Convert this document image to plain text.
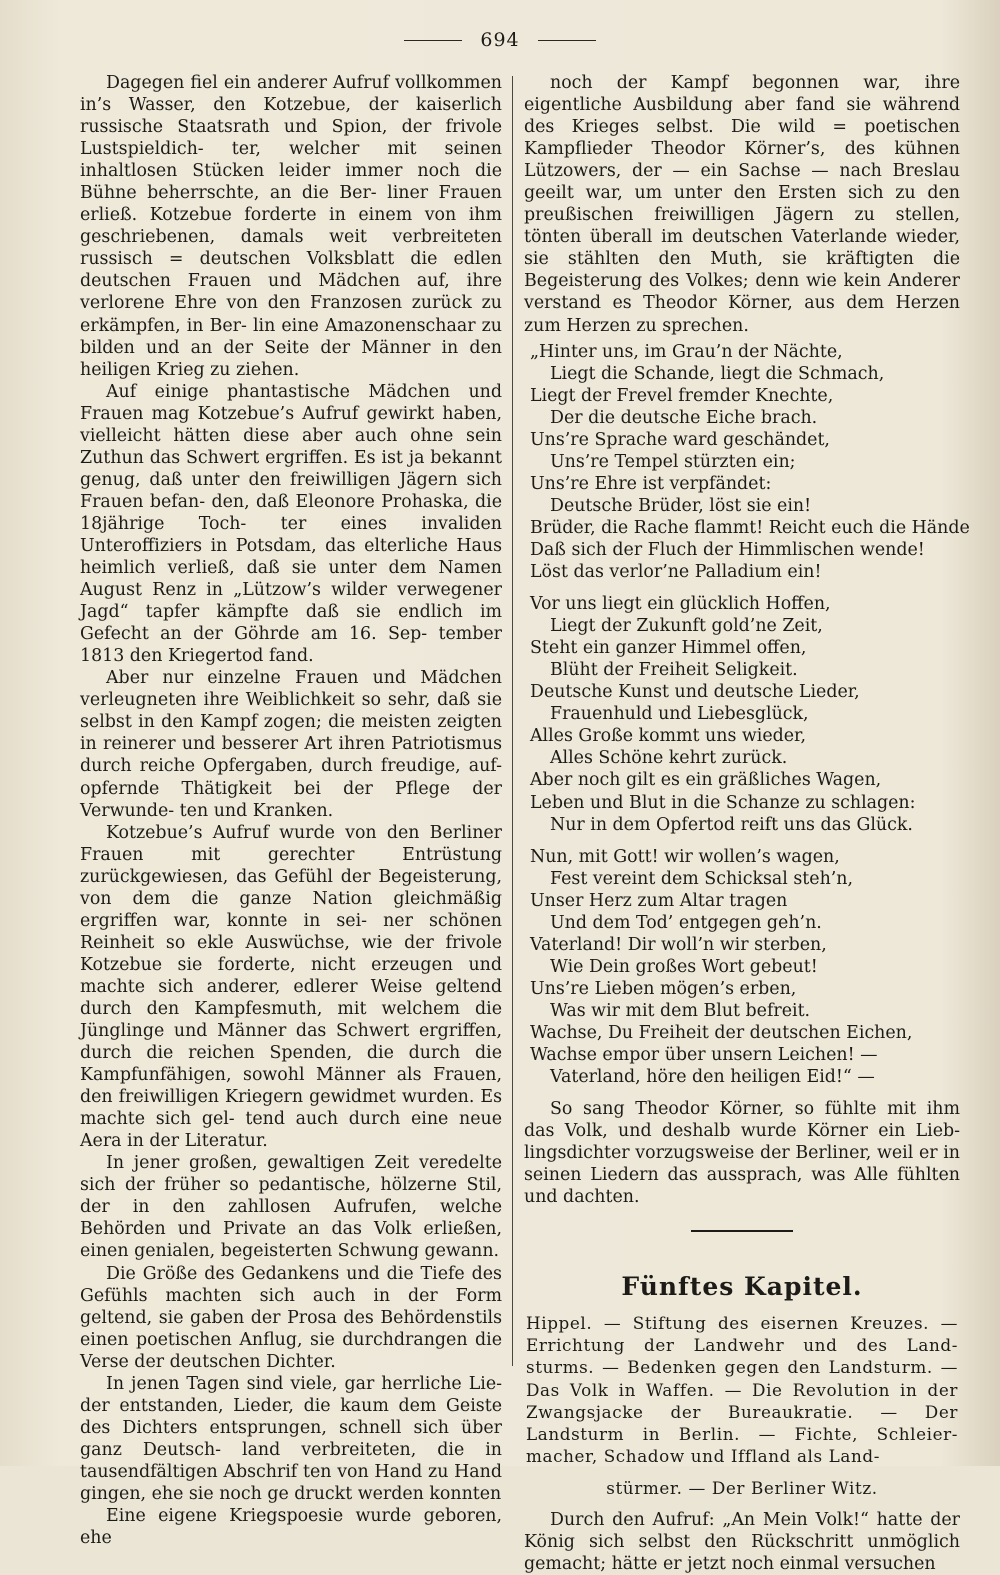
694

Dagegen fiel ein anderer Aufruf vollkommen in’s Wasser, den Kotzebue, der kaiserlich russische Staatsrath und Spion, der frivole Lustspieldich- ter, welcher mit seinen inhaltlosen Stücken leider immer noch die Bühne beherrschte, an die Ber- liner Frauen erließ. Kotzebue forderte in einem von ihm geschriebenen, damals weit verbreiteten russisch = deutschen Volksblatt die edlen deutschen Frauen und Mädchen auf, ihre verlorene Ehre von den Franzosen zurück zu erkämpfen, in Ber- lin eine Amazonenschaar zu bilden und an der Seite der Männer in den heiligen Krieg zu ziehen.

Auf einige phantastische Mädchen und Frauen mag Kotzebue’s Aufruf gewirkt haben, vielleicht hätten diese aber auch ohne sein Zuthun das Schwert ergriffen. Es ist ja bekannt genug, daß unter den freiwilligen Jägern sich Frauen befan- den, daß Eleonore Prohaska, die 18jährige Toch- ter eines invaliden Unteroffiziers in Potsdam, das elterliche Haus heimlich verließ, daß sie unter dem Namen August Renz in „Lützow’s wilder verwegener Jagd“ tapfer kämpfte daß sie endlich im Gefecht an der Göhrde am 16. Sep- tember 1813 den Kriegertod fand.

Aber nur einzelne Frauen und Mädchen verleugneten ihre Weiblichkeit so sehr, daß sie selbst in den Kampf zogen; die meisten zeigten in reinerer und besserer Art ihren Patriotismus durch reiche Opfergaben, durch freudige, auf- opfernde Thätigkeit bei der Pflege der Verwunde- ten und Kranken.

Kotzebue’s Aufruf wurde von den Berliner Frauen mit gerechter Entrüstung zurückgewiesen, das Gefühl der Begeisterung, von dem die ganze Nation gleichmäßig ergriffen war, konnte in sei- ner schönen Reinheit so ekle Auswüchse, wie der frivole Kotzebue sie forderte, nicht erzeugen und machte sich anderer, edlerer Weise geltend durch den Kampfesmuth, mit welchem die Jünglinge und Männer das Schwert ergriffen, durch die reichen Spenden, die durch die Kampfunfähigen, sowohl Männer als Frauen, den freiwilligen Kriegern gewidmet wurden. Es machte sich gel- tend auch durch eine neue Aera in der Literatur.

In jener großen, gewaltigen Zeit veredelte sich der früher so pedantische, hölzerne Stil, der in den zahllosen Aufrufen, welche Behörden und Private an das Volk erließen, einen genialen, begeisterten Schwung gewann.

Die Größe des Gedankens und die Tiefe des Gefühls machten sich auch in der Form geltend, sie gaben der Prosa des Behördenstils einen poetischen Anflug, sie durchdrangen die Verse der deutschen Dichter.

In jenen Tagen sind viele, gar herrliche Lie- der entstanden, Lieder, die kaum dem Geiste des Dichters entsprungen, schnell sich über ganz Deutsch- land verbreiteten, die in tausendfältigen Abschrif ten von Hand zu Hand gingen, ehe sie noch ge druckt werden konnten

Eine eigene Kriegspoesie wurde geboren, ehe

noch der Kampf begonnen war, ihre eigentliche Ausbildung aber fand sie während des Krieges selbst. Die wild = poetischen Kampflieder Theodor Körner’s, des kühnen Lützowers, der — ein Sachse — nach Breslau geeilt war, um unter den Ersten sich zu den preußischen freiwilligen Jägern zu stellen, tönten überall im deutschen Vaterlande wieder, sie stählten den Muth, sie kräftigten die Begeisterung des Volkes; denn wie kein Anderer verstand es Theodor Körner, aus dem Herzen zum Herzen zu sprechen.

„Hinter uns, im Grau’n der Nächte,

Liegt die Schande, liegt die Schmach,

Liegt der Frevel fremder Knechte,

Der die deutsche Eiche brach.

Uns’re Sprache ward geschändet,

Uns’re Tempel stürzten ein;

Uns’re Ehre ist verpfändet:

Deutsche Brüder, löst sie ein!

Brüder, die Rache flammt! Reicht euch die Hände

Daß sich der Fluch der Himmlischen wende!

Löst das verlor’ne Palladium ein!

Vor uns liegt ein glücklich Hoffen,

Liegt der Zukunft gold’ne Zeit,

Steht ein ganzer Himmel offen,

Blüht der Freiheit Seligkeit.

Deutsche Kunst und deutsche Lieder,

Frauenhuld und Liebesglück,

Alles Große kommt uns wieder,

Alles Schöne kehrt zurück.

Aber noch gilt es ein gräßliches Wagen,

Leben und Blut in die Schanze zu schlagen:

Nur in dem Opfertod reift uns das Glück.

Nun, mit Gott! wir wollen’s wagen,

Fest vereint dem Schicksal steh’n,

Unser Herz zum Altar tragen

Und dem Tod’ entgegen geh’n.

Vaterland! Dir woll’n wir sterben,

Wie Dein großes Wort gebeut!

Uns’re Lieben mögen’s erben,

Was wir mit dem Blut befreit.

Wachse, Du Freiheit der deutschen Eichen,

Wachse empor über unsern Leichen! —

Vaterland, höre den heiligen Eid!“ —

So sang Theodor Körner, so fühlte mit ihm das Volk, und deshalb wurde Körner ein Lieb- lingsdichter vorzugsweise der Berliner, weil er in seinen Liedern das aussprach, was Alle fühlten und dachten.

Fünftes Kapitel.

Hippel. — Stiftung des eisernen Kreuzes. — Errichtung der Landwehr und des Land- sturms. — Bedenken gegen den Landsturm. — Das Volk in Waffen. — Die Revolution in der Zwangsjacke der Bureaukratie. — Der Landsturm in Berlin. — Fichte, Schleier- macher, Schadow und Iffland als Land-

stürmer. — Der Berliner Witz.

Durch den Aufruf: „An Mein Volk!“ hatte der König sich selbst den Rückschritt unmöglich gemacht; hätte er jetzt noch einmal versuchen
